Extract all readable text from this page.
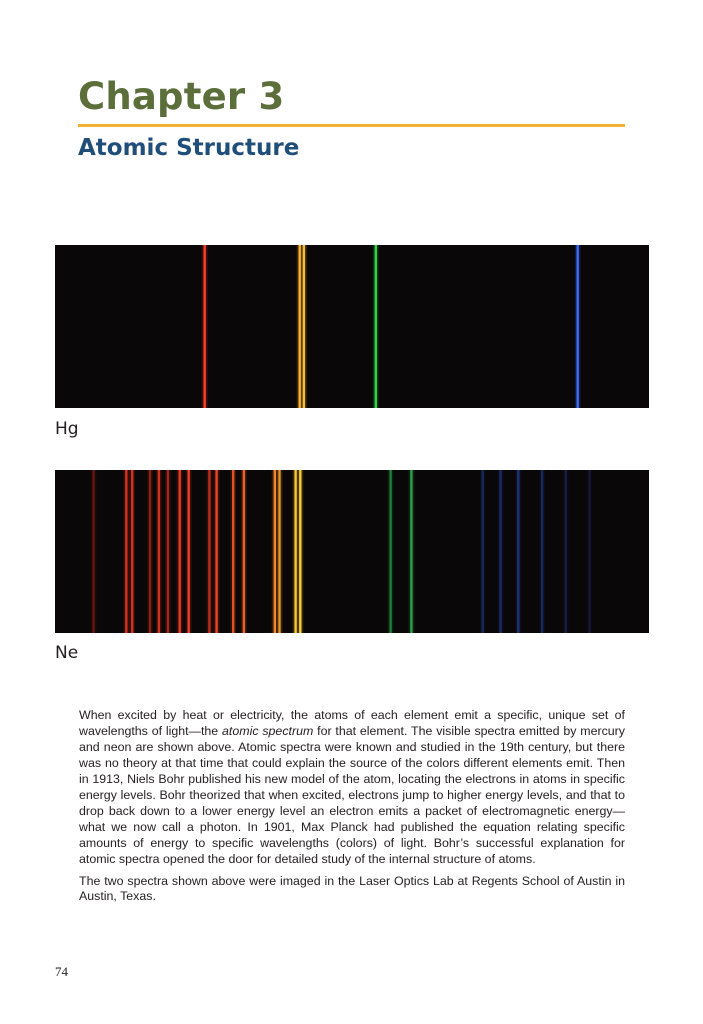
Chapter 3
Atomic Structure

Hg

Ne

When excited by heat or electricity, the atoms of each element emit a specific, unique set of wavelengths of light—the atomic spectrum for that element. The visible spectra emitted by mercury and neon are shown above. Atomic spectra were known and studied in the 19th century, but there was no theory at that time that could explain the source of the colors different elements emit. Then in 1913, Niels Bohr published his new model of the atom, locating the electrons in atoms in specific energy levels. Bohr theorized that when excited, electrons jump to higher energy levels, and that to drop back down to a lower energy level an electron emits a packet of electromagnetic energy—what we now call a photon. In 1901, Max Planck had published the equation relating specific amounts of energy to specific wavelengths (colors) of light. Bohr’s successful explanation for atomic spectra opened the door for detailed study of the internal structure of atoms.

The two spectra shown above were imaged in the Laser Optics Lab at Regents School of Austin in Austin, Texas.

74
